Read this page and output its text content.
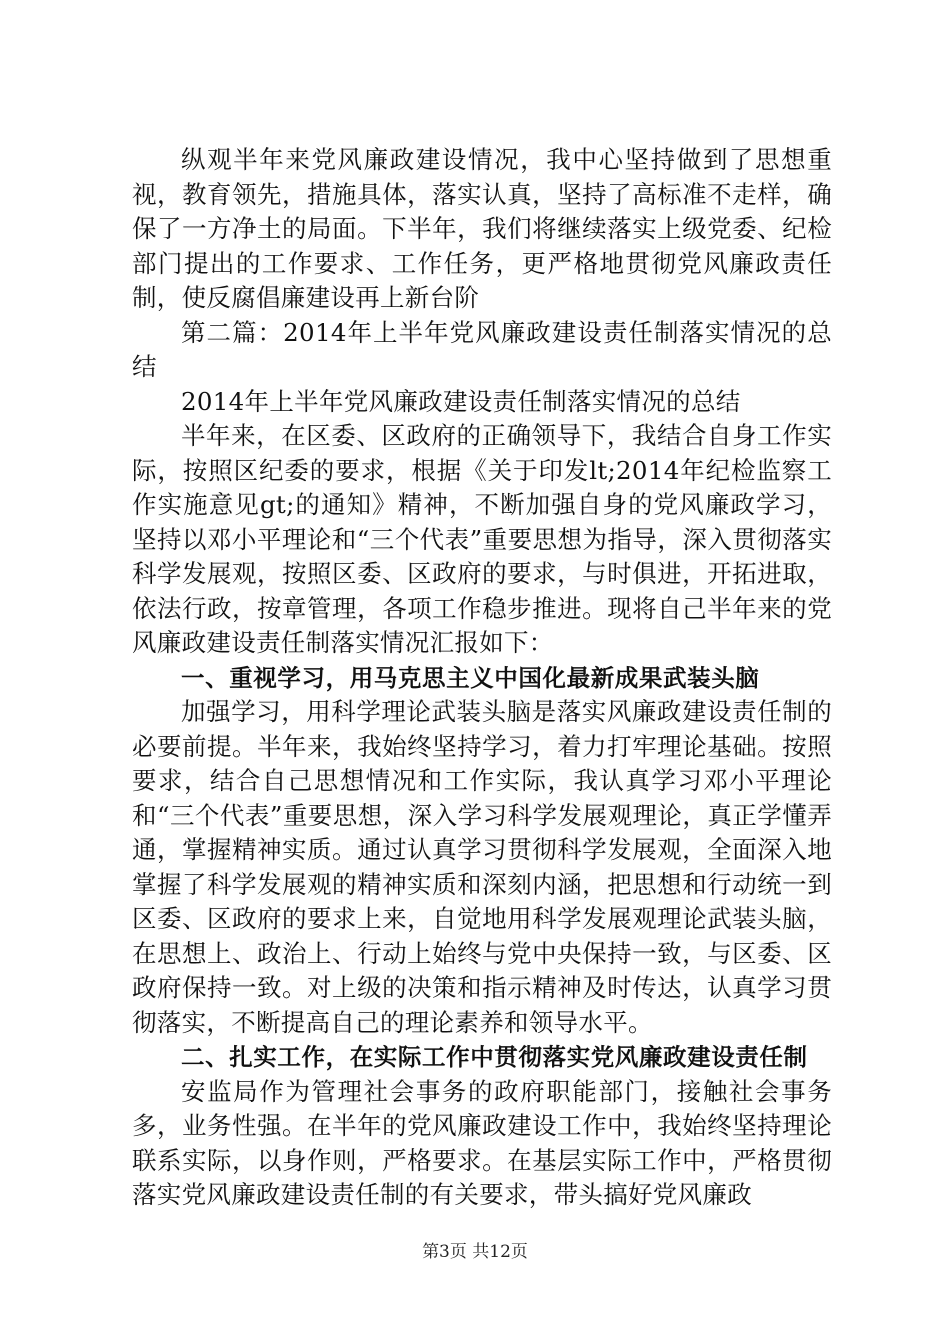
纵观半年来党风廉政建设情况，我中心坚持做到了思想重视，教育领先，措施具体，落实认真，坚持了高标准不走样，确保了一方净土的局面。下半年，我们将继续落实上级党委、纪检部门提出的工作要求、工作任务，更严格地贯彻党风廉政责任制，使反腐倡廉建设再上新台阶

第二篇：2014年上半年党风廉政建设责任制落实情况的总结

2014年上半年党风廉政建设责任制落实情况的总结

半年来，在区委、区政府的正确领导下，我结合自身工作实际，按照区纪委的要求，根据《关于印发lt;2014年纪检监察工作实施意见gt;的通知》精神，不断加强自身的党风廉政学习，坚持以邓小平理论和“三个代表”重要思想为指导，深入贯彻落实科学发展观，按照区委、区政府的要求，与时俱进，开拓进取，依法行政，按章管理，各项工作稳步推进。现将自己半年来的党风廉政建设责任制落实情况汇报如下：

一、重视学习，用马克思主义中国化最新成果武装头脑

加强学习，用科学理论武装头脑是落实风廉政建设责任制的必要前提。半年来，我始终坚持学习，着力打牢理论基础。按照要求，结合自己思想情况和工作实际，我认真学习邓小平理论和“三个代表”重要思想，深入学习科学发展观理论，真正学懂弄通，掌握精神实质。通过认真学习贯彻科学发展观，全面深入地掌握了科学发展观的精神实质和深刻内涵，把思想和行动统一到区委、区政府的要求上来，自觉地用科学发展观理论武装头脑，在思想上、政治上、行动上始终与党中央保持一致，与区委、区政府保持一致。对上级的决策和指示精神及时传达，认真学习贯彻落实，不断提高自己的理论素养和领导水平。

二、扎实工作，在实际工作中贯彻落实党风廉政建设责任制

安监局作为管理社会事务的政府职能部门，接触社会事务多，业务性强。在半年的党风廉政建设工作中，我始终坚持理论联系实际，以身作则，严格要求。在基层实际工作中，严格贯彻落实党风廉政建设责任制的有关要求，带头搞好党风廉政

第3页 共12页
